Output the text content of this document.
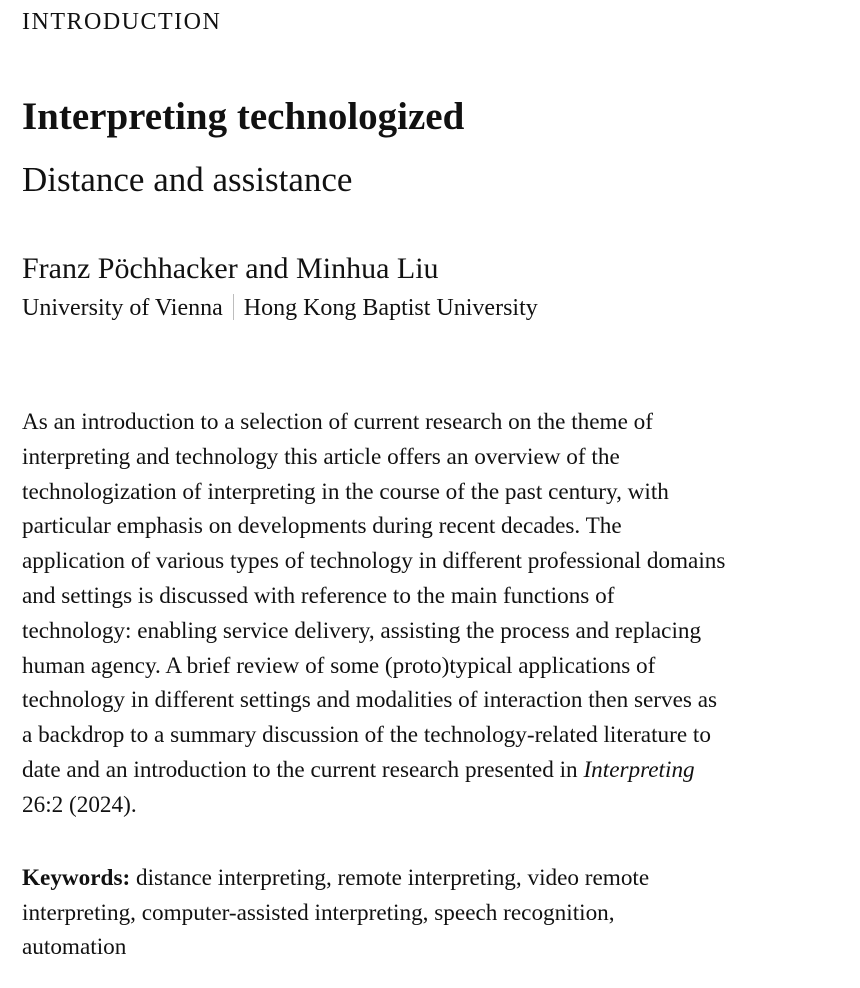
INTRODUCTION
Interpreting technologized
Distance and assistance
Franz Pöchhacker and Minhua Liu
University of Vienna Hong Kong Baptist University

As an introduction to a selection of current research on the theme of
interpreting and technology this article offers an overview of the
technologization of interpreting in the course of the past century, with
particular emphasis on developments during recent decades. The
application of various types of technology in different professional domains
and settings is discussed with reference to the main functions of
technology: enabling service delivery, assisting the process and replacing
human agency. A brief review of some (proto)typical applications of
technology in different settings and modalities of interaction then serves as
a backdrop to a summary discussion of the technology-related literature to
date and an introduction to the current research presented in Interpreting
26:2 (2024).

Keywords: distance interpreting, remote interpreting, video remote
interpreting, computer-assisted interpreting, speech recognition,
automation
